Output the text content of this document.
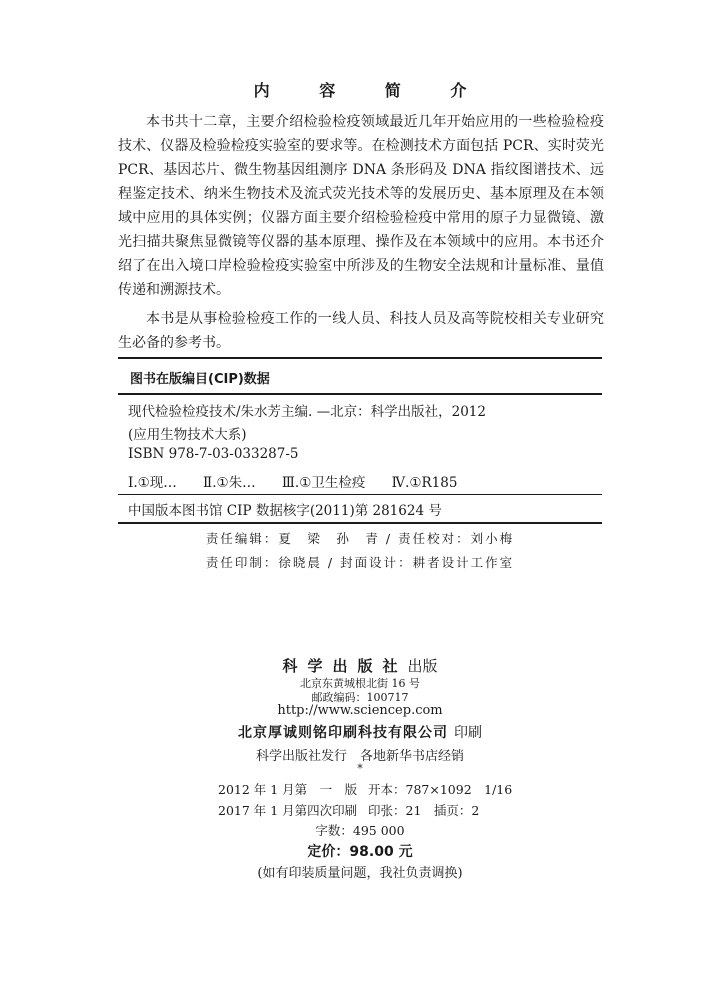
内 容 简 介

本书共十二章，主要介绍检验检疫领域最近几年开始应用的一些检验检疫技术、仪器及检验检疫实验室的要求等。在检测技术方面包括 PCR、实时荧光 PCR、基因芯片、微生物基因组测序 DNA 条形码及 DNA 指纹图谱技术、远程鉴定技术、纳米生物技术及流式荧光技术等的发展历史、基本原理及在本领域中应用的具体实例；仪器方面主要介绍检验检疫中常用的原子力显微镜、激光扫描共聚焦显微镜等仪器的基本原理、操作及在本领域中的应用。本书还介绍了在出入境口岸检验检疫实验室中所涉及的生物安全法规和计量标准、量值传递和溯源技术。

本书是从事检验检疫工作的一线人员、科技人员及高等院校相关专业研究生必备的参考书。

图书在版编目(CIP)数据
现代检验检疫技术/朱水芳主编. —北京：科学出版社，2012
(应用生物技术大系)
ISBN 978-7-03-033287-5
Ⅰ.①现… Ⅱ.①朱… Ⅲ.①卫生检疫 Ⅳ.①R185
中国版本图书馆 CIP 数据核字(2011)第 281624 号
责任编辑：夏　梁　孙　青 / 责任校对：刘小梅
责任印制：徐晓晨 / 封面设计：耕者设计工作室
科学出版社出版
北京东黄城根北街 16 号
邮政编码：100717
http://www.sciencep.com
北京厚诚则铭印刷科技有限公司 印刷
科学出版社发行　各地新华书店经销
*
2012 年 1 月第　一　版 开本：787×1092　1/16
2017 年 1 月第四次印刷 印张：21　插页：2
字数：495 000
定价：98.00 元
(如有印装质量问题，我社负责调换)
